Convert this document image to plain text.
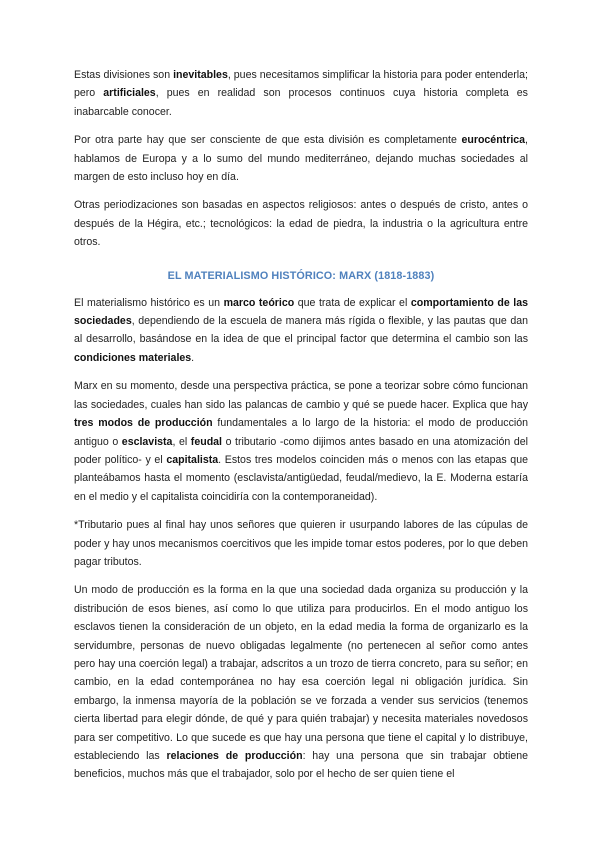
Estas divisiones son inevitables, pues necesitamos simplificar la historia para poder entenderla; pero artificiales, pues en realidad son procesos continuos cuya historia completa es inabarcable conocer.

Por otra parte hay que ser consciente de que esta división es completamente eurocéntrica, hablamos de Europa y a lo sumo del mundo mediterráneo, dejando muchas sociedades al margen de esto incluso hoy en día.

Otras periodizaciones son basadas en aspectos religiosos: antes o después de cristo, antes o después de la Hégira, etc.; tecnológicos: la edad de piedra, la industria o la agricultura entre otros.

EL MATERIALISMO HISTÓRICO: MARX (1818-1883)

El materialismo histórico es un marco teórico que trata de explicar el comportamiento de las sociedades, dependiendo de la escuela de manera más rígida o flexible, y las pautas que dan al desarrollo, basándose en la idea de que el principal factor que determina el cambio son las condiciones materiales.

Marx en su momento, desde una perspectiva práctica, se pone a teorizar sobre cómo funcionan las sociedades, cuales han sido las palancas de cambio y qué se puede hacer. Explica que hay tres modos de producción fundamentales a lo largo de la historia: el modo de producción antiguo o esclavista, el feudal o tributario -como dijimos antes basado en una atomización del poder político- y el capitalista. Estos tres modelos coinciden más o menos con las etapas que planteábamos hasta el momento (esclavista/antigüedad, feudal/medievo, la E. Moderna estaría en el medio y el capitalista coincidiría con la contemporaneidad).

*Tributario pues al final hay unos señores que quieren ir usurpando labores de las cúpulas de poder y hay unos mecanismos coercitivos que les impide tomar estos poderes, por lo que deben pagar tributos.

Un modo de producción es la forma en la que una sociedad dada organiza su producción y la distribución de esos bienes, así como lo que utiliza para producirlos. En el modo antiguo los esclavos tienen la consideración de un objeto, en la edad media la forma de organizarlo es la servidumbre, personas de nuevo obligadas legalmente (no pertenecen al señor como antes pero hay una coerción legal) a trabajar, adscritos a un trozo de tierra concreto, para su señor; en cambio, en la edad contemporánea no hay esa coerción legal ni obligación jurídica. Sin embargo, la inmensa mayoría de la población se ve forzada a vender sus servicios (tenemos cierta libertad para elegir dónde, de qué y para quién trabajar) y necesita materiales novedosos para ser competitivo. Lo que sucede es que hay una persona que tiene el capital y lo distribuye, estableciendo las relaciones de producción: hay una persona que sin trabajar obtiene beneficios, muchos más que el trabajador, solo por el hecho de ser quien tiene el
